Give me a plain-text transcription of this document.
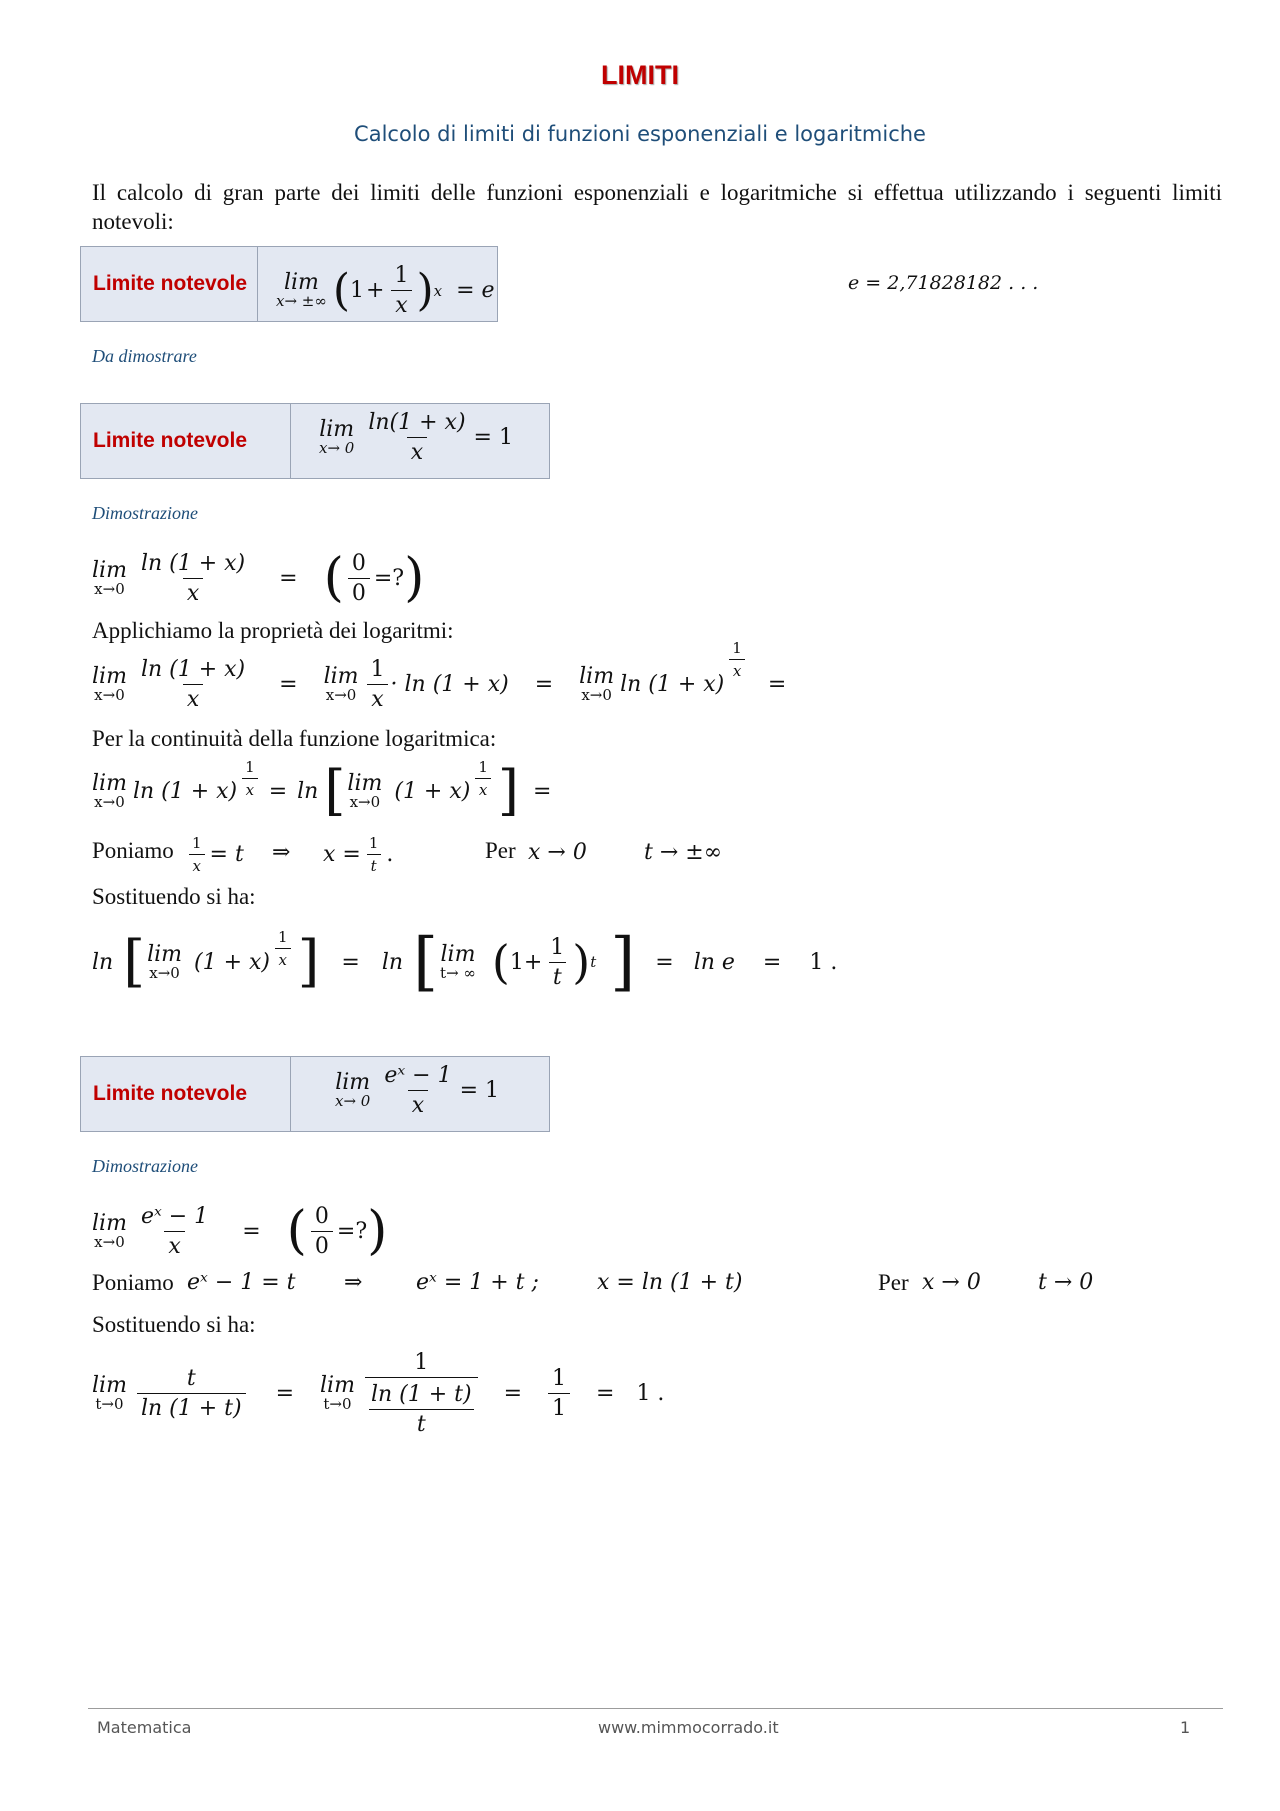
LIMITI
Calcolo di limiti di funzioni esponenziali e logaritmiche
Il calcolo di gran parte dei limiti delle funzioni esponenziali e logaritmiche si effettua utilizzando i seguenti limiti notevoli:
Limite notevole	lim
x→ ±∞ ( $1 + \frac{1}{x}$ ) x = e	e = 2,71828182 . . .
Da dimostrare
Limite notevole	lim
$x\to 0 \frac{\ln(1 + x)}{x} = 1$
Dimostrazione
lim
$x\to 0 \frac{\ln (1 + x)}{x}$ = ( $\frac{0}{0}$ =? )
Applichiamo la proprietà dei logaritmi:
lim
$x\to 0 \frac{\ln (1 + x)}{x} = \lim$
$x\to 0 \frac{1}{x} \cdot \ln (1 + x) = \lim$
x→0 ln (1 + x)
$\frac{1}{x}$
=
Per la continuità della funzione logaritmica:
lim
x→0 $\ln (1 + x) \frac{1}{x} = \ln$ [ lim
x→0 $(1 + x) \frac{1}{x}$ ] =
Poniamo $\frac{1}{x} = t$ ⇒ $x = \frac{1}{t}$ .	Per x → 0	t → ±∞
Sostituendo si ha:
ln [ lim
x→0 $(1 + x) \frac{1}{x}$ ] = ln [ lim
t→ ∞ ( $1 + \frac{1}{t}$ ) t ] = ln e = 1 .
Limite notevole	lim
$x\to 0 \frac{\text{eˣ − 1}}{x} = 1$
Dimostrazione
lim
$x\to 0 \frac{\text{eˣ − 1}}{x}$ = ( $\frac{0}{0}$ =? )
Poniamo eˣ − 1 = t ⇒ eˣ = 1 + t ;	x = ln (1 + t)	Per x → 0	t → 0
Sostituendo si ha:
lim
$t\to 0 \frac{t}{\ln (1 + t)} = \lim$
t→0 1
ln (1 + t)
$t = \frac{1}{1} = 1$ .
Matematica	www.mimmocorrado.it	1
